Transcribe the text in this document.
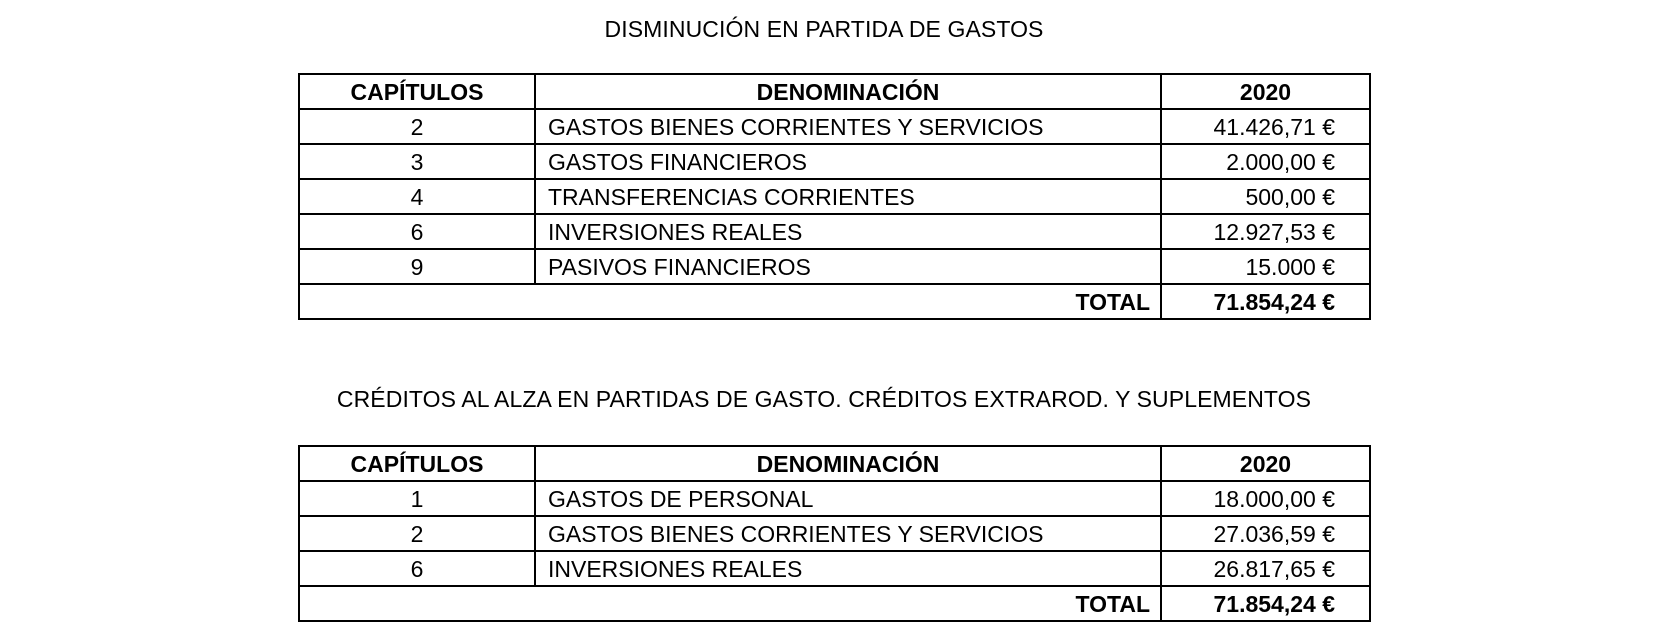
DISMINUCIÓN EN PARTIDA DE GASTOS
CAPÍTULOS	DENOMINACIÓN	2020
2	GASTOS BIENES CORRIENTES Y SERVICIOS	41.426,71 €
3	GASTOS FINANCIEROS	2.000,00 €
4	TRANSFERENCIAS CORRIENTES	500,00 €
6	INVERSIONES REALES	12.927,53 €
9	PASIVOS FINANCIEROS	15.000 €
TOTAL		71.854,24 €
CRÉDITOS AL ALZA EN PARTIDAS DE GASTO. CRÉDITOS EXTRAROD. Y SUPLEMENTOS
CAPÍTULOS	DENOMINACIÓN	2020
1	GASTOS DE PERSONAL	18.000,00 €
2	GASTOS BIENES CORRIENTES Y SERVICIOS	27.036,59 €
6	INVERSIONES REALES	26.817,65 €
TOTAL		71.854,24 €
